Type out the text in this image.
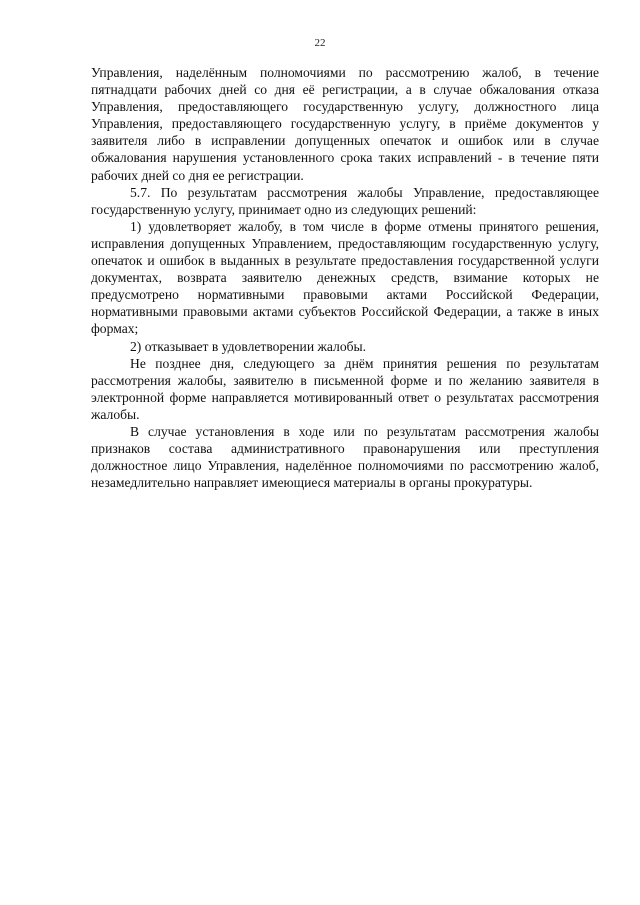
22

Управления, наделённым полномочиями по рассмотрению жалоб, в течение пятнадцати рабочих дней со дня её регистрации, а в случае обжалования отказа Управления, предоставляющего государственную услугу, должностного лица Управления, предоставляющего государственную услугу, в приёме документов у заявителя либо в исправлении допущенных опечаток и ошибок или в случае обжалования нарушения установленного срока таких исправлений - в течение пяти рабочих дней со дня ее регистрации.

5.7. По результатам рассмотрения жалобы Управление, предоставляющее государственную услугу, принимает одно из следующих решений:

1) удовлетворяет жалобу, в том числе в форме отмены принятого решения, исправления допущенных Управлением, предоставляющим государственную услугу, опечаток и ошибок в выданных в результате предоставления государственной услуги документах, возврата заявителю денежных средств, взимание которых не предусмотрено нормативными правовыми актами Российской Федерации, нормативными правовыми актами субъектов Российской Федерации, а также в иных формах;

2) отказывает в удовлетворении жалобы.

Не позднее дня, следующего за днём принятия решения по результатам рассмотрения жалобы, заявителю в письменной форме и по желанию заявителя в электронной форме направляется мотивированный ответ о результатах рассмотрения жалобы.

В случае установления в ходе или по результатам рассмотрения жалобы признаков состава административного правонарушения или преступления должностное лицо Управления, наделённое полномочиями по рассмотрению жалоб, незамедлительно направляет имеющиеся материалы в органы прокуратуры.
